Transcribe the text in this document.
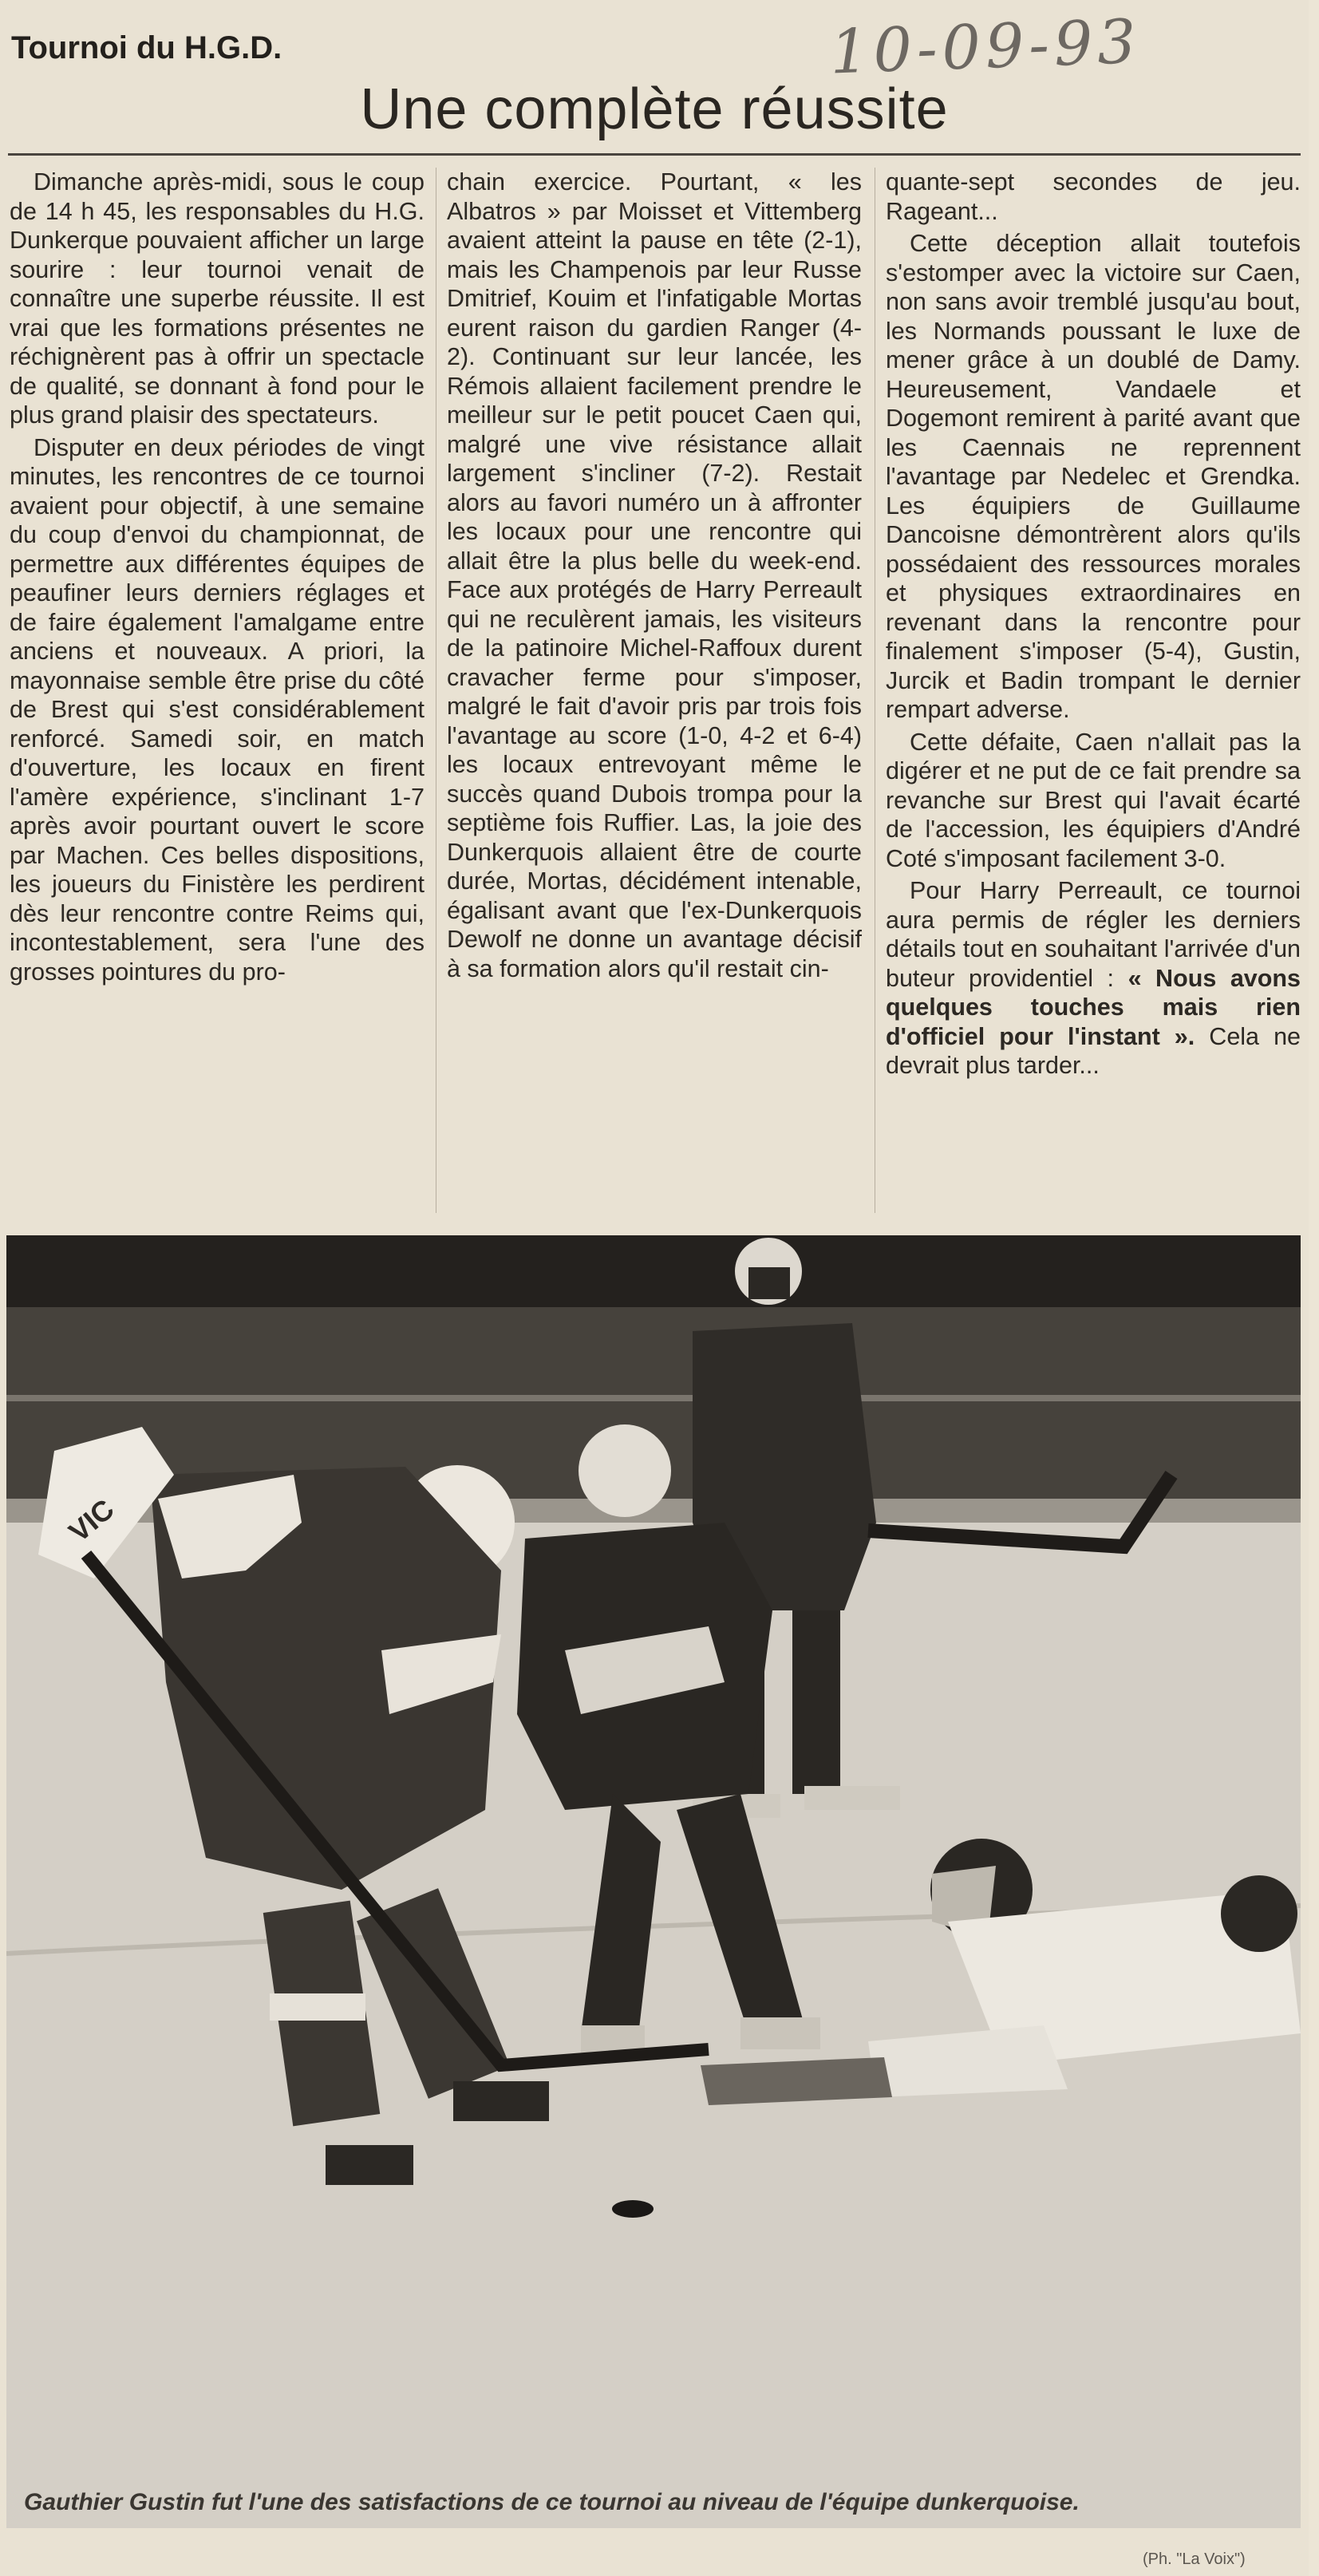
10-09-93
Tournoi du H.G.D.
Une complète réussite

Dimanche après-midi, sous le coup de 14 h 45, les responsables du H.G. Dunkerque pouvaient afficher un large sourire : leur tournoi venait de connaître une superbe réussite. Il est vrai que les formations présentes ne réchignèrent pas à offrir un spectacle de qualité, se donnant à fond pour le plus grand plaisir des spectateurs.

Disputer en deux périodes de vingt minutes, les rencontres de ce tournoi avaient pour objectif, à une semaine du coup d'envoi du championnat, de permettre aux différentes équipes de peaufiner leurs derniers réglages et de faire également l'amalgame entre anciens et nouveaux. A priori, la mayonnaise semble être prise du côté de Brest qui s'est considérablement renforcé. Samedi soir, en match d'ouverture, les locaux en firent l'amère expérience, s'inclinant 1-7 après avoir pourtant ouvert le score par Machen. Ces belles dispositions, les joueurs du Finistère les perdirent dès leur rencontre contre Reims qui, incontestablement, sera l'une des grosses pointures du pro-

chain exercice. Pourtant, « les Albatros » par Moisset et Vittemberg avaient atteint la pause en tête (2-1), mais les Champenois par leur Russe Dmitrief, Kouim et l'infatigable Mortas eurent raison du gardien Ranger (4-2). Continuant sur leur lancée, les Rémois allaient facilement prendre le meilleur sur le petit poucet Caen qui, malgré une vive résistance allait largement s'incliner (7-2). Restait alors au favori numéro un à affronter les locaux pour une rencontre qui allait être la plus belle du week-end. Face aux protégés de Harry Perreault qui ne reculèrent jamais, les visiteurs de la patinoire Michel-Raffoux durent cravacher ferme pour s'imposer, malgré le fait d'avoir pris par trois fois l'avantage au score (1-0, 4-2 et 6-4) les locaux entrevoyant même le succès quand Dubois trompa pour la septième fois Ruffier. Las, la joie des Dunkerquois allaient être de courte durée, Mortas, décidément intenable, égalisant avant que l'ex-Dunkerquois Dewolf ne donne un avantage décisif à sa formation alors qu'il restait cin-

quante-sept secondes de jeu. Rageant...

Cette déception allait toutefois s'estomper avec la victoire sur Caen, non sans avoir tremblé jusqu'au bout, les Normands poussant le luxe de mener grâce à un doublé de Damy. Heureusement, Vandaele et Dogemont remirent à parité avant que les Caennais ne reprennent l'avantage par Nedelec et Grendka. Les équipiers de Guillaume Dancoisne démontrèrent alors qu'ils possédaient des ressources morales et physiques extraordinaires en revenant dans la rencontre pour finalement s'imposer (5-4), Gustin, Jurcik et Badin trompant le dernier rempart adverse.

Cette défaite, Caen n'allait pas la digérer et ne put de ce fait prendre sa revanche sur Brest qui l'avait écarté de l'accession, les équipiers d'André Coté s'imposant facilement 3-0.

Pour Harry Perreault, ce tournoi aura permis de régler les derniers détails tout en souhaitant l'arrivée d'un buteur providentiel : « Nous avons quelques touches mais rien d'officiel pour l'instant ». Cela ne devrait plus tarder...

VIC
Gauthier Gustin fut l'une des satisfactions de ce tournoi au niveau de l'équipe dunkerquoise.
(Ph. "La Voix")
